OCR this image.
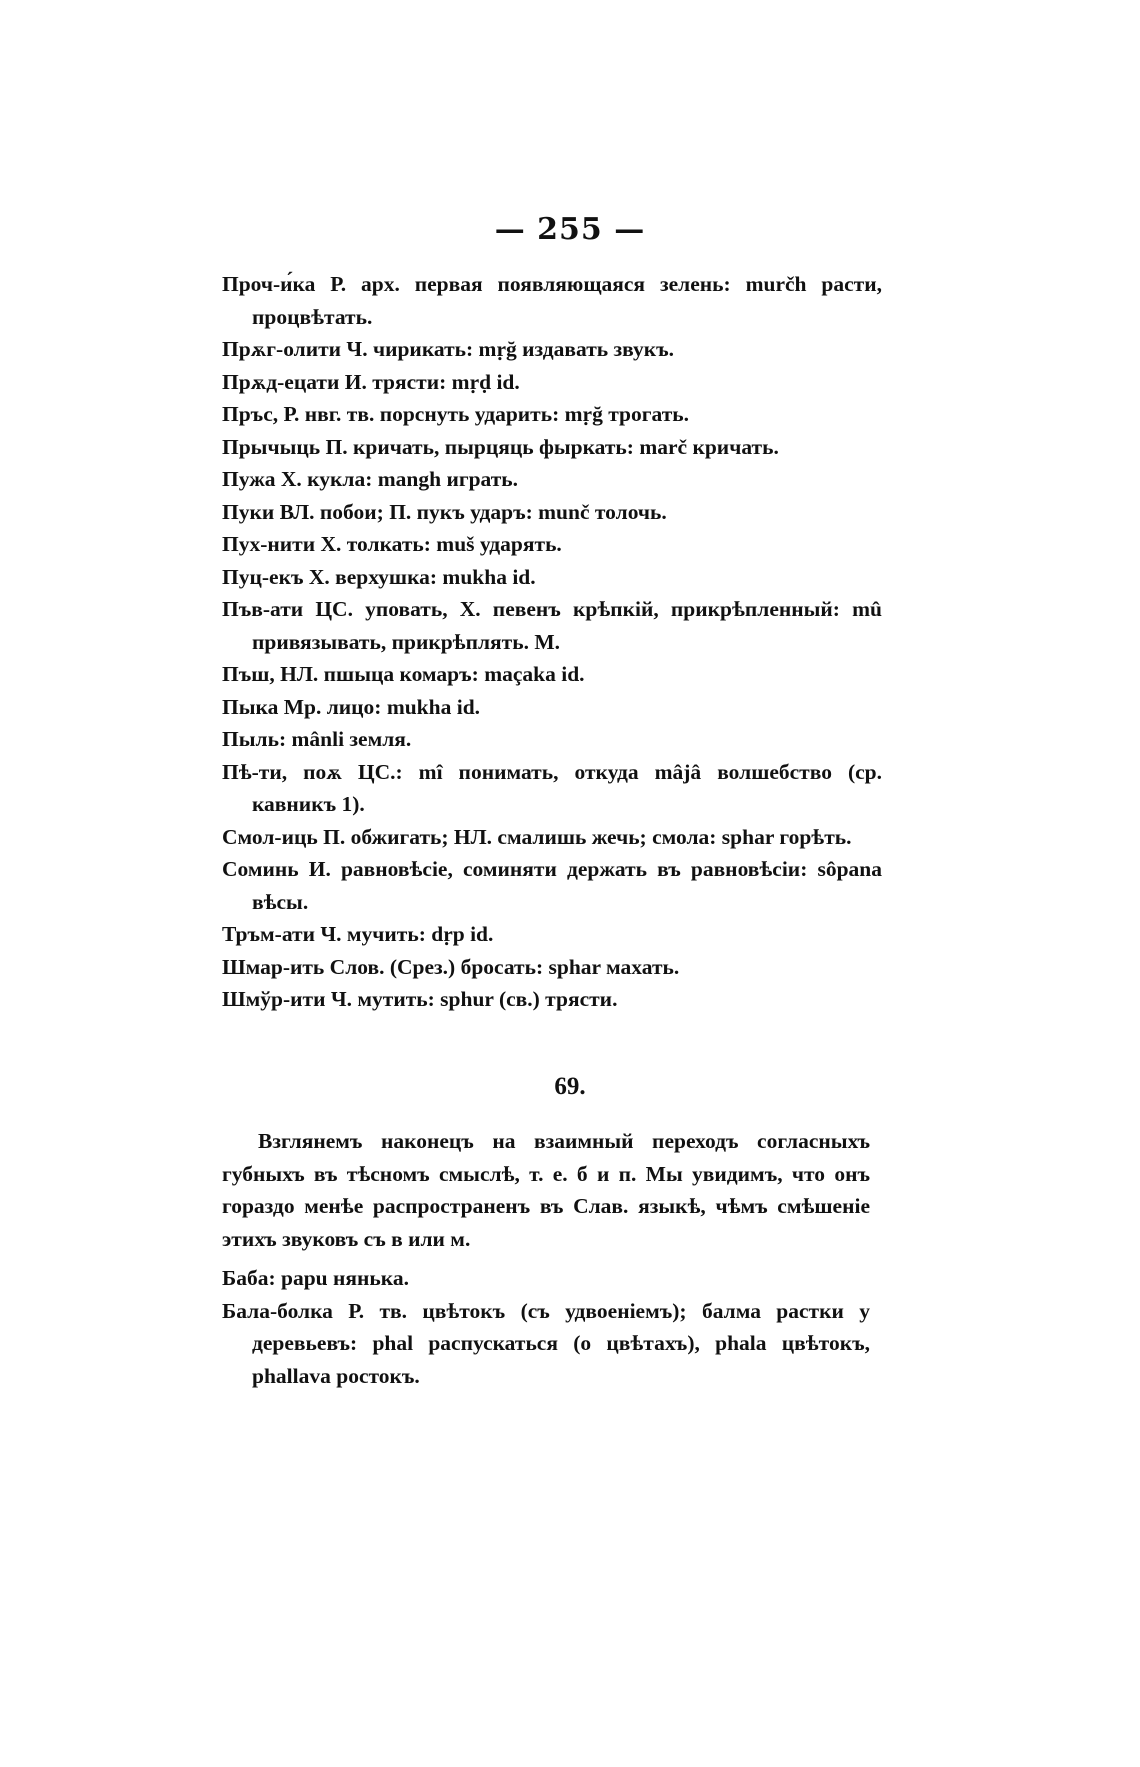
— 255 —
Проч-и́ка Р. арх. первая появляющаяся зелень: murčh расти, процвѣтать.
Прѫг-олити Ч. чирикать: mṛğ издавать звукъ.
Прѫд-ецати И. трясти: mṛḍ id.
Пръс, Р. нвг. тв. порснуть ударить: mṛğ трогать.
Прычыць П. кричать, пырцяць фыркать: marč кричать.
Пужа Х. кукла: mangh играть.
Пуки ВЛ. побои; П. пукъ ударъ: munč толочь.
Пух-нити Х. толкать: muš ударять.
Пуц-екъ Х. верхушка: mukha id.
Пъв-ати ЦС. уповать, Х. певенъ крѣпкій, прикрѣпленный: mû привязывать, прикрѣплять. М.
Пъш, НЛ. пшыца комаръ: maçaka id.
Пыка Мр. лицо: mukha id.
Пыль: mânli земля.
Пѣ-ти, поѫ ЦС.: mî понимать, откуда mâjâ волшебство (ср. кавникъ 1).
Смол-иць П. обжигать; НЛ. смалишь жечь; смола: sphar горѣть.
Соминь И. равновѣсіе, соминяти держать въ равновѣсіи: sôpana вѣсы.
Тръм-ати Ч. мучить: dṛp id.
Шмар-ить Слов. (Срез.) бросать: sphar махать.
Шмўр-ити Ч. мутить: sphur (св.) трясти.
69.
Взглянемъ наконецъ на взаимный переходъ согласныхъ губныхъ въ тѣсномъ смыслѣ, т. е. б и п. Мы увидимъ, что онъ гораздо менѣе распространенъ въ Слав. языкѣ, чѣмъ смѣшеніе этихъ звуковъ съ в или м.
Баба: papu нянька.
Бала-болка Р. тв. цвѣтокъ (съ удвоеніемъ); балма растки у деревьевъ: phal распускаться (о цвѣтахъ), phala цвѣтокъ, phallava ростокъ.
